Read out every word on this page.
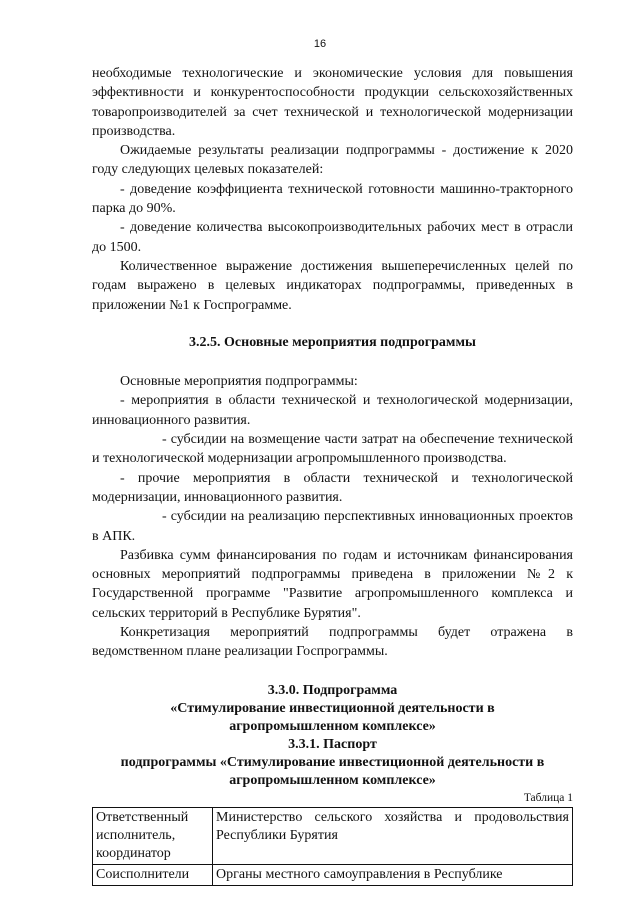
16

необходимые технологические и экономические условия для повышения эффективности и конкурентоспособности продукции сельскохозяйственных товаропроизводителей за счет технической и технологической модернизации производства.

Ожидаемые результаты реализации подпрограммы - достижение к 2020 году следующих целевых показателей:

- доведение коэффициента технической готовности машинно-тракторного парка до 90%.

- доведение количества высокопроизводительных рабочих мест в отрасли до 1500.

Количественное выражение достижения вышеперечисленных целей по годам выражено в целевых индикаторах подпрограммы, приведенных в приложении №1 к Госпрограмме.

3.2.5. Основные мероприятия подпрограммы

Основные мероприятия подпрограммы:

- мероприятия в области технической и технологической модернизации, инновационного развития.

- субсидии на возмещение части затрат на обеспечение технической и технологической модернизации агропромышленного производства.

- прочие мероприятия в области технической и технологической модернизации, инновационного развития.

- субсидии на реализацию перспективных инновационных проектов в АПК.

Разбивка сумм финансирования по годам и источникам финансирования основных мероприятий подпрограммы приведена в приложении №2 к Государственной программе "Развитие агропромышленного комплекса и сельских территорий в Республике Бурятия".

Конкретизация мероприятий подпрограммы будет отражена в ведомственном плане реализации Госпрограммы.

3.3.0. Подпрограмма
«Стимулирование инвестиционной деятельности в
агропромышленном комплексе»
3.3.1. Паспорт
подпрограммы «Стимулирование инвестиционной деятельности в
агропромышленном комплексе»
Таблица 1
Ответственный исполнитель, координатор	Министерство сельского хозяйства и продовольствия Республики Бурятия
Соисполнители	Органы местного самоуправления в Республике
